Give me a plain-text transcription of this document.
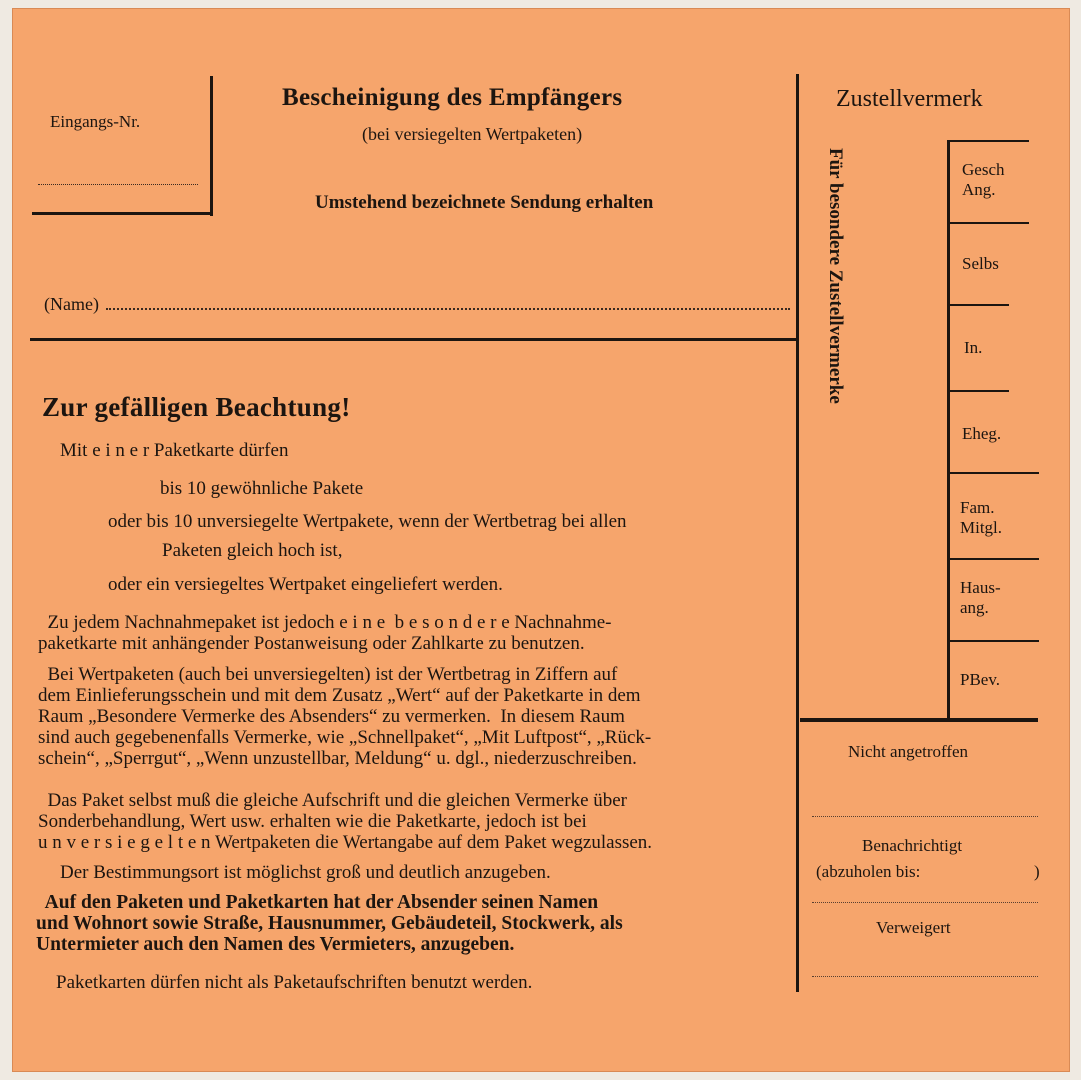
Eingangs-Nr.
Bescheinigung des Empfängers
(bei versiegelten Wertpaketen)
Umstehend bezeichnete Sendung erhalten
(Name)
Zur gefälligen Beachtung!
Mit e i n e r Paketkarte dürfen
bis 10 gewöhnliche Pakete
oder bis 10 unversiegelte Wertpakete, wenn der Wertbetrag bei allen
Paketen gleich hoch ist,
oder ein versiegeltes Wertpaket eingeliefert werden.
Zu jedem Nachnahmepaket ist jedoch e i n e  b e s o n d e r e Nachnahme-
paketkarte mit anhängender Postanweisung oder Zahlkarte zu benutzen.
Bei Wertpaketen (auch bei unversiegelten) ist der Wertbetrag in Ziffern auf
dem Einlieferungsschein und mit dem Zusatz „Wert“ auf der Paketkarte in dem
Raum „Besondere Vermerke des Absenders“ zu vermerken.  In diesem Raum
sind auch gegebenenfalls Vermerke, wie „Schnellpaket“, „Mit Luftpost“, „Rück-
schein“, „Sperrgut“, „Wenn unzustellbar, Meldung“ u. dgl., niederzuschreiben.
Das Paket selbst muß die gleiche Aufschrift und die gleichen Vermerke über
Sonderbehandlung, Wert usw. erhalten wie die Paketkarte, jedoch ist bei
u n v e r s i e g e l t e n Wertpaketen die Wertangabe auf dem Paket wegzulassen.
Der Bestimmungsort ist möglichst groß und deutlich anzugeben.
Auf den Paketen und Paketkarten hat der Absender seinen Namen
und Wohnort sowie Straße, Hausnummer, Gebäudeteil, Stockwerk, als
Untermieter auch den Namen des Vermieters, anzugeben.
Paketkarten dürfen nicht als Paketaufschriften benutzt werden.
Zustellvermerk
Für besondere Zustellvermerke	Gesch
Ang.
Selbs
In.
Eheg.
Fam.
Mitgl.
Haus-
ang.
PBev.
Nicht angetroffen
Benachrichtigt
(abzuholen bis:	)
Verweigert
